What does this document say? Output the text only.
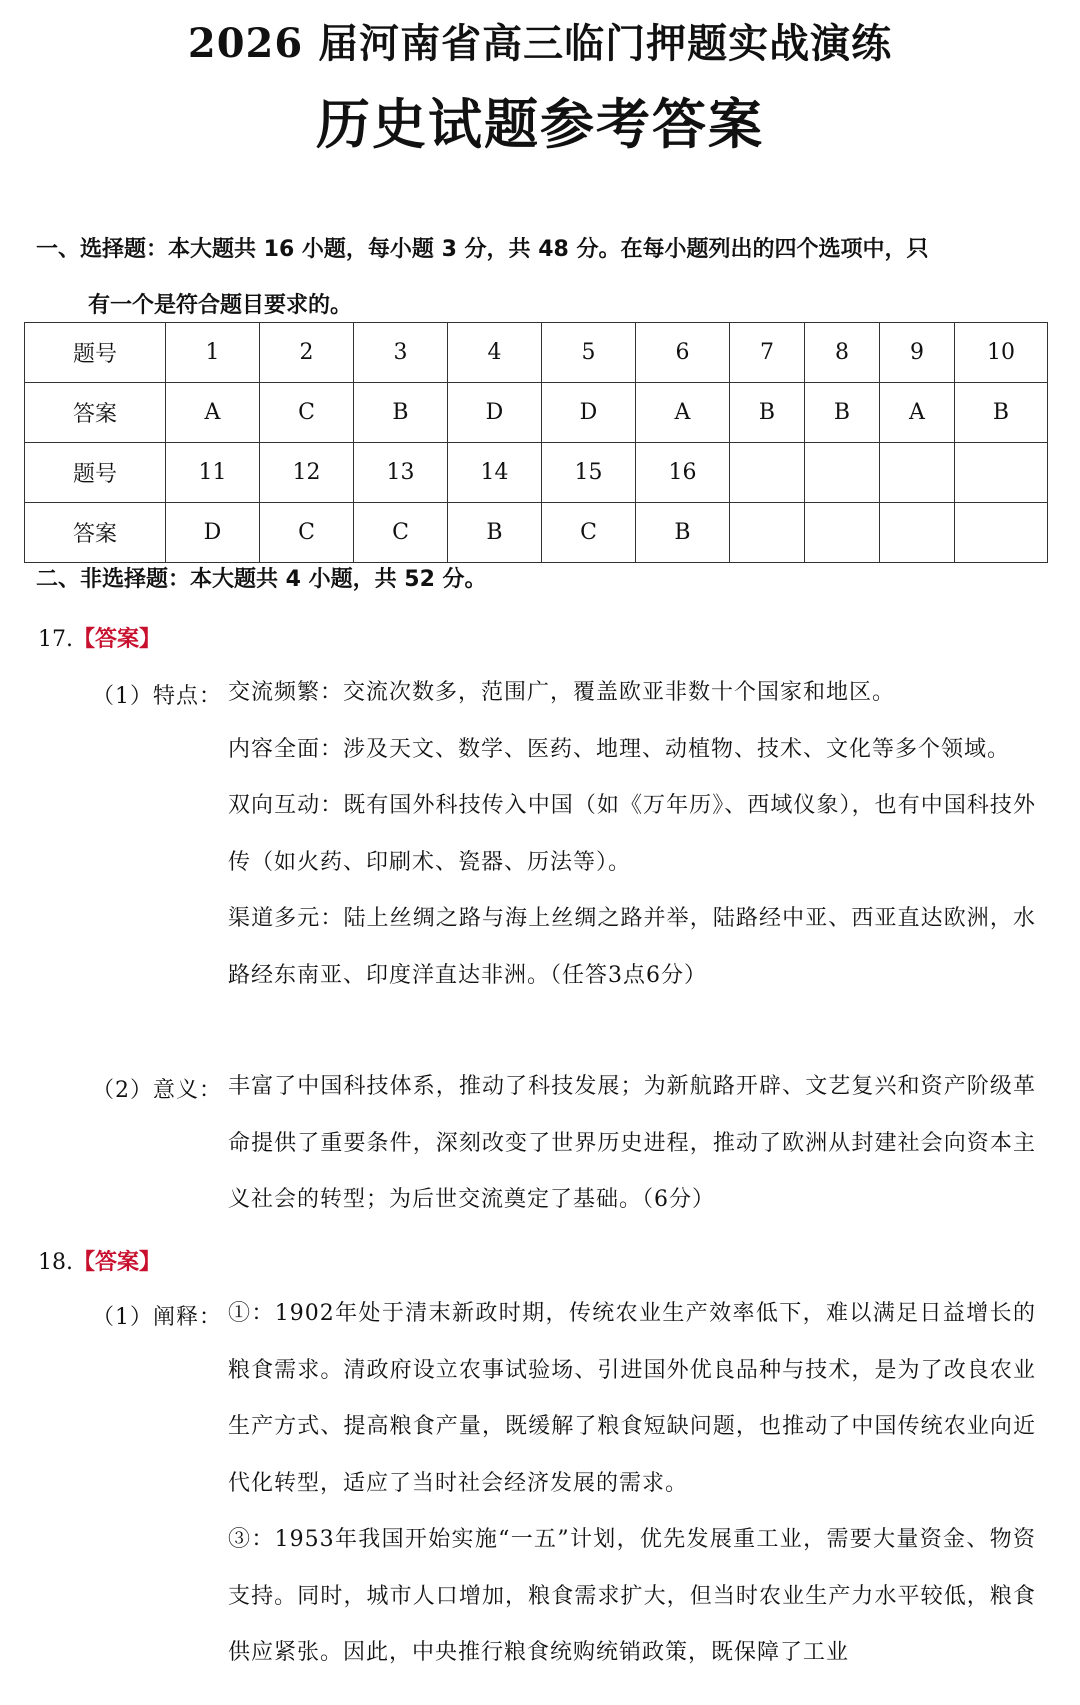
2026 届河南省高三临门押题实战演练
历史试题参考答案
一、选择题：本大题共 16 小题，每小题 3 分，共 48 分。在每小题列出的四个选项中，只
有一个是符合题目要求的。
题号	1	2	3	4	5	6	7	8	9	10
答案	A	C	B	D	D	A	B	B	A	B
题号	11	12	13	14	15	16				
答案	D	C	C	B	C	B				
二、非选择题：本大题共 4 小题，共 52 分。
17.【答案】
（1）特点： 交流频繁：交流次数多，范围广，覆盖欧亚非数十个国家和地区。

内容全面：涉及天文、数学、医药、地理、动植物、技术、文化等多个领域。

双向互动：既有国外科技传入中国（如《万年历》、西域仪象），也有中国科技外传（如火药、印刷术、瓷器、历法等）。

渠道多元：陆上丝绸之路与海上丝绸之路并举，陆路经中亚、西亚直达欧洲，水路经东南亚、印度洋直达非洲。（任答3点6分）

（2）意义： 丰富了中国科技体系，推动了科技发展；为新航路开辟、文艺复兴和资产阶级革命提供了重要条件，深刻改变了世界历史进程，推动了欧洲从封建社会向资本主义社会的转型；为后世交流奠定了基础。（6分）

18.【答案】
（1）阐释： ①：1902年处于清末新政时期，传统农业生产效率低下，难以满足日益增长的粮食需求。清政府设立农事试验场、引进国外优良品种与技术，是为了改良农业生产方式、提高粮食产量，既缓解了粮食短缺问题，也推动了中国传统农业向近代化转型，适应了当时社会经济发展的需求。

③：1953年我国开始实施“一五”计划，优先发展重工业，需要大量资金、物资支持。同时，城市人口增加，粮食需求扩大，但当时农业生产力水平较低，粮食供应紧张。因此，中央推行粮食统购统销政策，既保障了工业
